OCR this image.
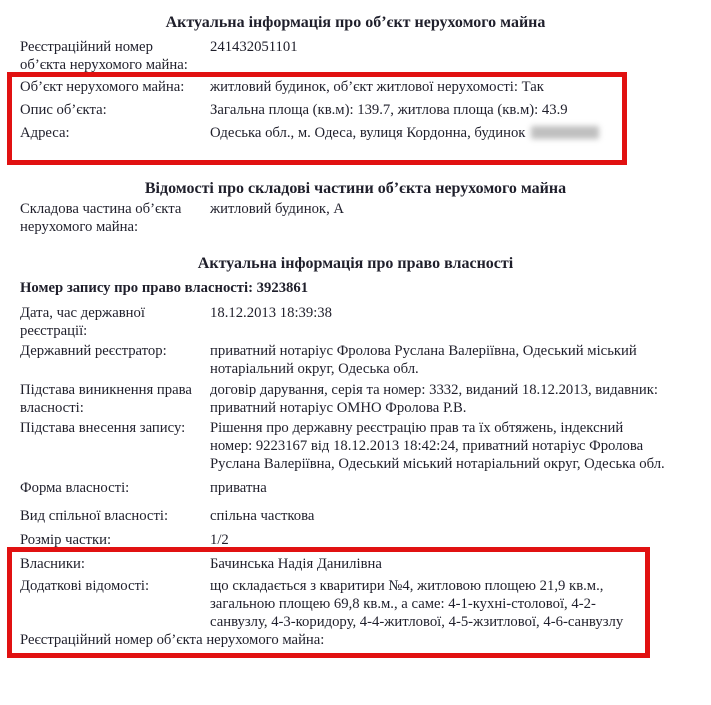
Актуальна інформація про об’єкт нерухомого майна
Реєстраційний номер об’єкта нерухомого майна:
241432051101
Об’єкт нерухомого майна:	житловий будинок, об’єкт житлової нерухомості: Так
Опис об’єкта:	Загальна площа (кв.м): 139.7, житлова площа (кв.м): 43.9
Адреса:	Одеська обл., м. Одеса, вулиця Кордонна, будинок
Відомості про складові частини об’єкта нерухомого майна
Складова частина об’єкта нерухомого майна:
житловий будинок, А
Актуальна інформація про право власності
Номер запису про право власності: 3923861
Дата, час державної реєстрації:
18.12.2013 18:39:38
Державний реєстратор:	приватний нотаріус Фролова Руслана Валеріївна, Одеський міський нотаріальний округ, Одеська обл.
Підстава виникнення права власності:
договір дарування, серія та номер: 3332, виданий 18.12.2013, видавник: приватний нотаріус ОМНО Фролова Р.В.
Підстава внесення запису:	Рішення про державну реєстрацію прав та їх обтяжень, індексний номер: 9223167 від 18.12.2013 18:42:24, приватний нотаріус Фролова Руслана Валеріївна, Одеський міський нотаріальний округ, Одеська обл.
Форма власності:	приватна
Вид спільної власності:	спільна часткова
Розмір частки:	1/2
Власники:	Бачинська Надія Данилівна
Додаткові відомості:	що складається з кваритири №4, житловою площею 21,9 кв.м., загальною площею 69,8 кв.м., а саме: 4-1-кухні-столової, 4-2-санвузлу, 4-3-коридору, 4-4-житлової, 4-5-жзитлової, 4-6-санвузлу
Реєстраційний номер об’єкта нерухомого майна:
